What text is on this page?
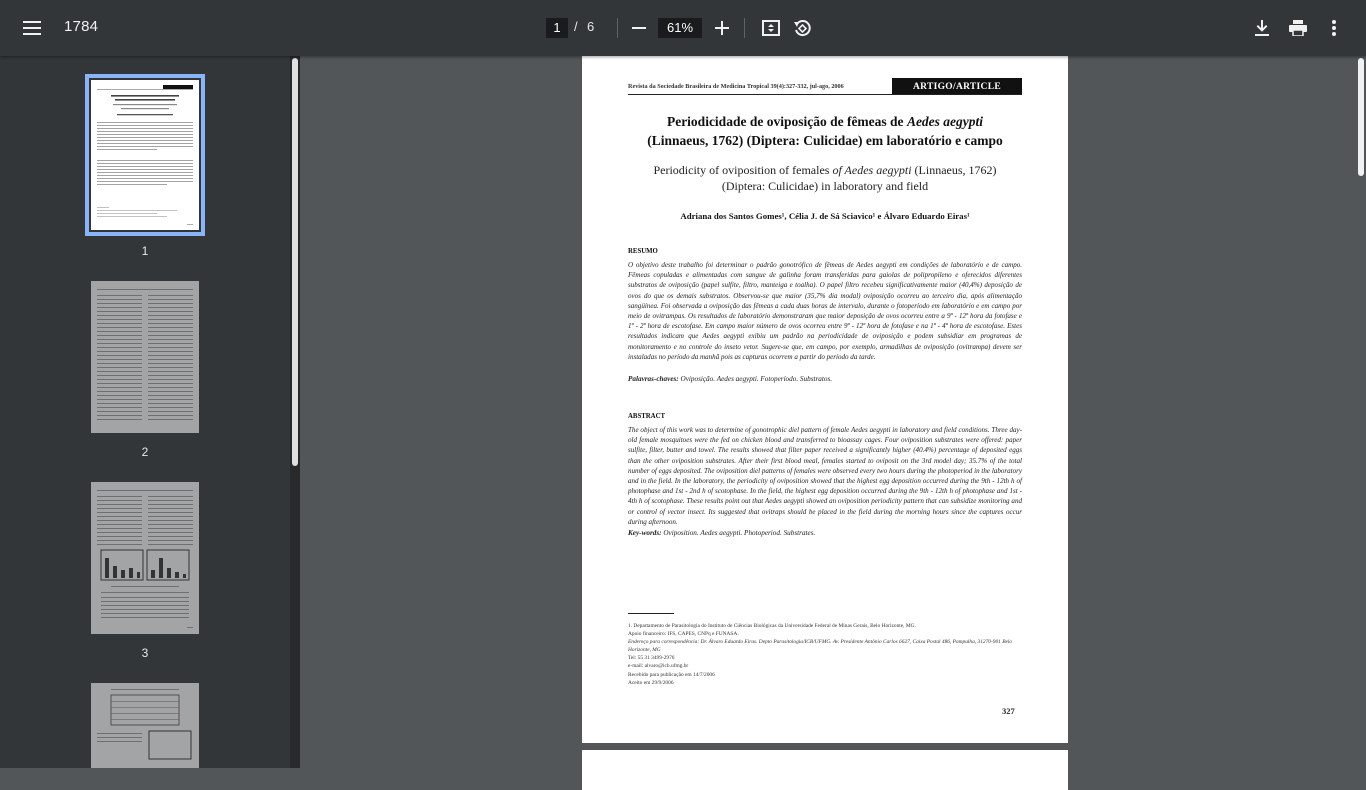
1784	1	/ 6	61%
1
2
3
Revista da Sociedade Brasileira de Medicina Tropical 39(4):327-332, jul-ago, 2006	ARTIGO/ARTICLE
Periodicidade de oviposição de fêmeas de Aedes aegypti
(Linnaeus, 1762) (Diptera: Culicidae) em laboratório e campo
Periodicity of oviposition of females of Aedes aegypti (Linnaeus, 1762)
(Diptera: Culicidae) in laboratory and field
Adriana dos Santos Gomes¹, Célia J. de Sá Sciavico¹ e Álvaro Eduardo Eiras¹
RESUMO
O objetivo deste trabalho foi determinar o padrão gonotrófico de fêmeas de Aedes aegypti em condições de laboratório e de campo. Fêmeas copuladas e alimentadas com sangue de galinha foram transferidas para gaiolas de polipropileno e oferecidos diferentes substratos de oviposição (papel sulfite, filtro, manteiga e toalha). O papel filtro recebeu significativamente maior (40,4%) deposição de ovos do que os demais substratos. Observou-se que maior (35,7% dia modal) oviposição ocorreu ao terceiro dia, após alimentação sangüínea. Foi observada a oviposição das fêmeas a cada duas horas de intervalo, durante o fotoperíodo em laboratório e em campo por meio de ovitrampas. Os resultados de laboratório demonstraram que maior deposição de ovos ocorreu entre a 9ª - 12ª hora da fotofase e 1ª - 2ª hora de escotofase. Em campo maior número de ovos ocorreu entre 9ª - 12ª hora de fotofase e na 1ª - 4ª hora de escotofase. Estes resultados indicam que Aedes aegypti exibiu um padrão na periodicidade de oviposição e podem subsidiar em programas de monitoramento e no controle do inseto vetor. Sugere-se que, em campo, por exemplo, armadilhas de oviposição (ovitrampa) devem ser instaladas no período da manhã pois as capturas ocorrem a partir do período da tarde.
Palavras-chaves: Oviposição. Aedes aegypti. Fotoperíodo. Substratos.
ABSTRACT
The object of this work was to determine of gonotrophic diel pattern of female Aedes aegypti in laboratory and field conditions. Three day-old female mosquitoes were the fed on chicken blood and transferred to bioassay cages. Four oviposition substrates were offered: paper sulfite, filter, butter and towel. The results showed that filter paper received a significantly higher (40.4%) percentage of deposited eggs than the other oviposition substrates. After their first blood meal, females started to oviposit on the 3rd model day; 35.7% of the total number of eggs deposited. The oviposition diel patterns of females were observed every two hours during the photoperiod in the laboratory and in the field. In the laboratory, the periodicity of oviposition showed that the highest egg deposition occurred during the 9th - 12th h of photophase and 1st - 2nd h of scotophase. In the field, the highest egg deposition occurred during the 9th - 12th h of photophase and 1st - 4th h of scotophase. These results point out that Aedes aegypti showed an oviposition periodicity pattern that can subsidize monitoring and or control of vector insect. Its suggested that ovitraps should be placed in the field during the morning hours since the captures occur during afternoon.
Key-words: Oviposition. Aedes aegypti. Photoperiod. Substrates.
1. Departamento de Parasitologia do Instituto de Ciências Biológicas da Universidade Federal de Minas Gerais, Belo Horizonte, MG.
Apoio financeiro: IFS, CAPES, CNPq e FUNASA.
Endereço para correspondência: Dr. Álvaro Eduardo Eiras. Depto Parasitologia/ICB/UFMG. Av. Presidente Antônio Carlos 6627, Caixa Postal 486, Pampulha, 31270-901 Belo Horizonte, MG
Tel: 55 31 3499-2976
e-mail: alvaro@icb.ufmg.br
Recebido para publicação em 14/7/2006
Aceito em 29/9/2006
327
